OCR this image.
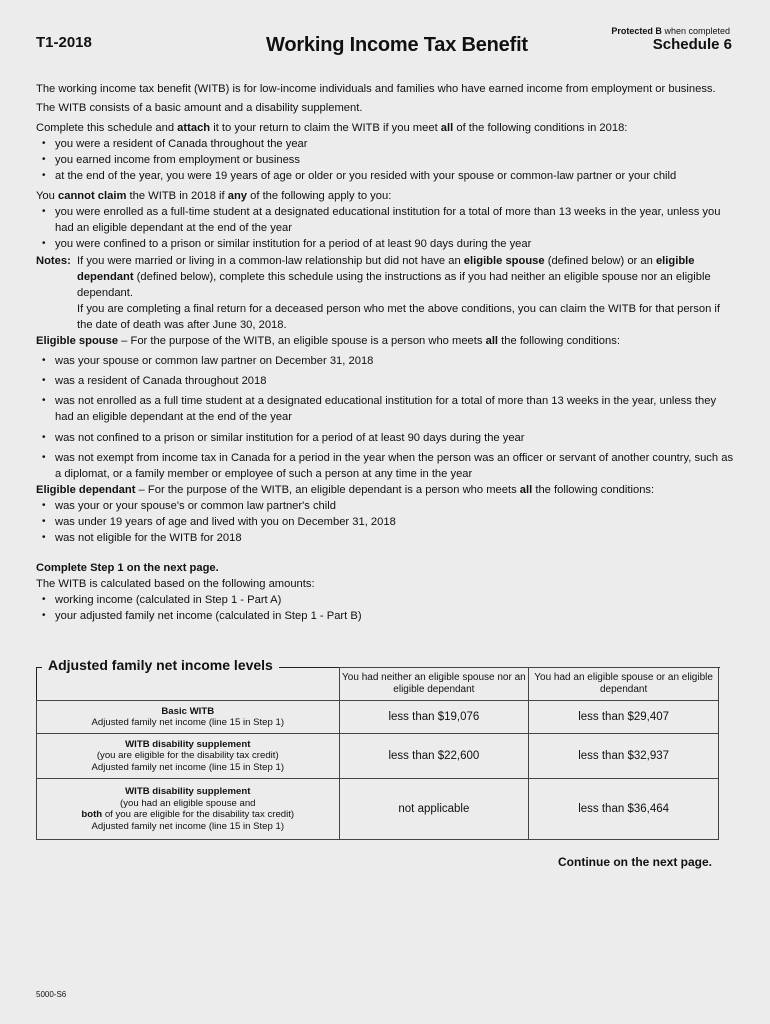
T1-2018	Working Income Tax Benefit
Protected B when completed
Schedule 6

The working income tax benefit (WITB) is for low-income individuals and families who have earned income from employment or business.

The WITB consists of a basic amount and a disability supplement.

Complete this schedule and attach it to your return to claim the WITB if you meet all of the following conditions in 2018:

• you were a resident of Canada throughout the year
• you earned income from employment or business
• at the end of the year, you were 19 years of age or older or you resided with your spouse or common-law partner or your child

You cannot claim the WITB in 2018 if any of the following apply to you:

• you were enrolled as a full-time student at a designated educational institution for a total of more than 13 weeks in the year, unless you had an eligible dependant at the end of the year
• you were confined to a prison or similar institution for a period of at least 90 days during the year
Notes: If you were married or living in a common-law relationship but did not have an eligible spouse (defined below) or an eligible dependant (defined below), complete this schedule using the instructions as if you had neither an eligible spouse nor an eligible dependant.

If you are completing a final return for a deceased person who met the above conditions, you can claim the WITB for that person if the date of death was after June 30, 2018.

Eligible spouse – For the purpose of the WITB, an eligible spouse is a person who meets all the following conditions:

• was your spouse or common law partner on December 31, 2018
• was a resident of Canada throughout 2018
• was not enrolled as a full time student at a designated educational institution for a total of more than 13 weeks in the year, unless they had an eligible dependant at the end of the year
• was not confined to a prison or similar institution for a period of at least 90 days during the year
• was not exempt from income tax in Canada for a period in the year when the person was an officer or servant of another country, such as a diplomat, or a family member or employee of such a person at any time in the year

Eligible dependant – For the purpose of the WITB, an eligible dependant is a person who meets all the following conditions:

• was your or your spouse's or common law partner's child
• was under 19 years of age and lived with you on December 31, 2018
• was not eligible for the WITB for 2018

Complete Step 1 on the next page.

The WITB is calculated based on the following amounts:

• working income (calculated in Step 1 - Part A)
• your adjusted family net income (calculated in Step 1 - Part B)
Adjusted family net income levels
	You had neither an eligible spouse nor an eligible dependant	You had an eligible spouse or an eligible dependant
Basic WITB
Adjusted family net income (line 15 in Step 1)	less than $19,076	less than $29,407
WITB disability supplement
(you are eligible for the disability tax credit)
Adjusted family net income (line 15 in Step 1)	less than $22,600	less than $32,937
WITB disability supplement
(you had an eligible spouse and
both of you are eligible for the disability tax credit)
Adjusted family net income (line 15 in Step 1)	not applicable	less than $36,464
Continue on the next page.
5000-S6
